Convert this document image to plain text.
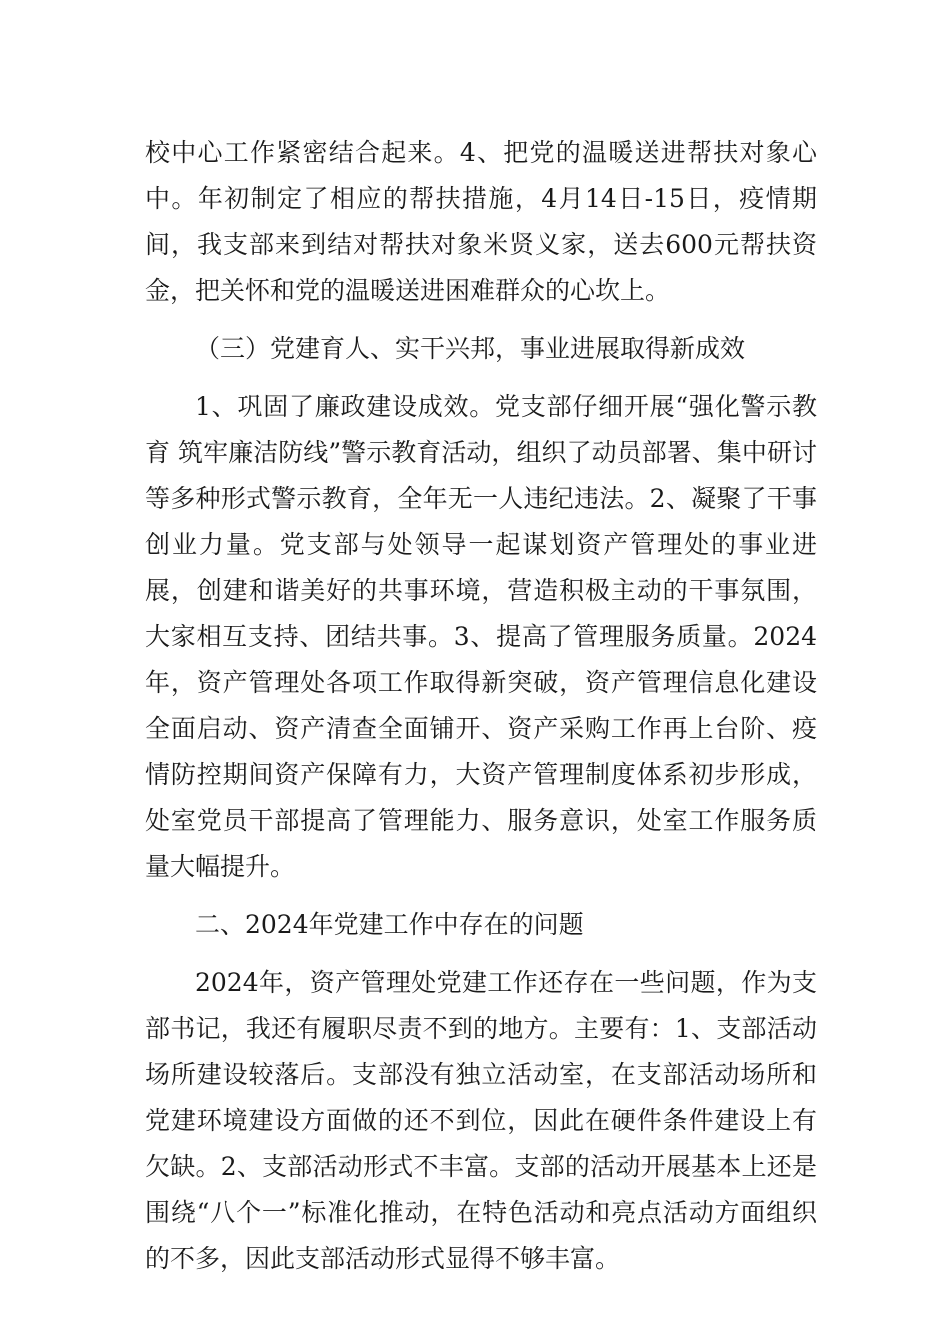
校中心工作紧密结合起来。4、把党的温暖送进帮扶对象心中。年初制定了相应的帮扶措施，4月14日-15日，疫情期间，我支部来到结对帮扶对象米贤义家，送去600元帮扶资金，把关怀和党的温暖送进困难群众的心坎上。

（三）党建育人、实干兴邦，事业进展取得新成效

1、巩固了廉政建设成效。党支部仔细开展“强化警示教育 筑牢廉洁防线”警示教育活动，组织了动员部署、集中研讨等多种形式警示教育，全年无一人违纪违法。2、凝聚了干事创业力量。党支部与处领导一起谋划资产管理处的事业进展，创建和谐美好的共事环境，营造积极主动的干事氛围，大家相互支持、团结共事。3、提高了管理服务质量。2024年，资产管理处各项工作取得新突破，资产管理信息化建设全面启动、资产清查全面铺开、资产采购工作再上台阶、疫情防控期间资产保障有力，大资产管理制度体系初步形成，处室党员干部提高了管理能力、服务意识，处室工作服务质量大幅提升。

二、2024年党建工作中存在的问题

2024年，资产管理处党建工作还存在一些问题，作为支部书记，我还有履职尽责不到的地方。主要有：1、支部活动场所建设较落后。支部没有独立活动室，在支部活动场所和党建环境建设方面做的还不到位，因此在硬件条件建设上有欠缺。2、支部活动形式不丰富。支部的活动开展基本上还是围绕“八个一”标准化推动，在特色活动和亮点活动方面组织的不多，因此支部活动形式显得不够丰富。
